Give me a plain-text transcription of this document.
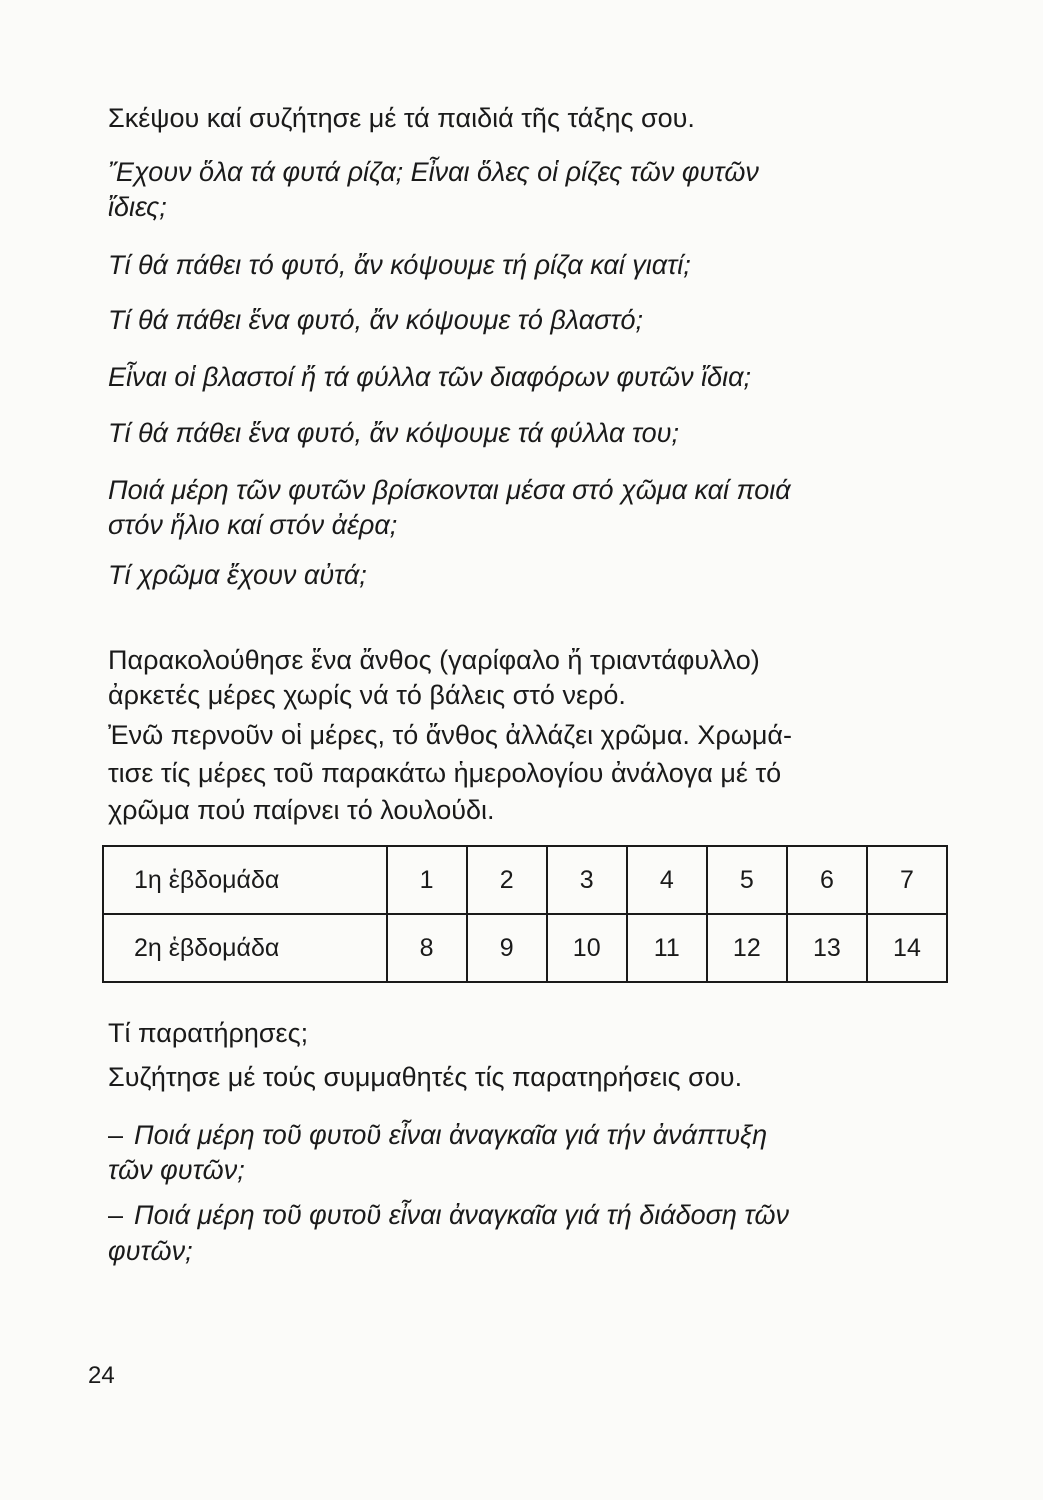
Σκέψου καί συζήτησε μέ τά παιδιά τῆς τάξης σου.
Ἔχουν ὅλα τά φυτά ρίζα; Εἶναι ὅλες οἱ ρίζες τῶν φυτῶν
ἴδιες;
Τί θά πάθει τό φυτό, ἄν κόψουμε τή ρίζα καί γιατί;
Τί θά πάθει ἕνα φυτό, ἄν κόψουμε τό βλαστό;
Εἶναι οἱ βλαστοί ἤ τά φύλλα τῶν διαφόρων φυτῶν ἴδια;
Τί θά πάθει ἕνα φυτό, ἄν κόψουμε τά φύλλα του;
Ποιά μέρη τῶν φυτῶν βρίσκονται μέσα στό χῶμα καί ποιά
στόν ἥλιο καί στόν ἀέρα;
Τί χρῶμα ἔχουν αὐτά;
Παρακολούθησε ἕνα ἄνθος (γαρίφαλο ἤ τριαντάφυλλο)
ἀρκετές μέρες χωρίς νά τό βάλεις στό νερό.
Ἐνῶ περνοῦν οἱ μέρες, τό ἄνθος ἀλλάζει χρῶμα. Χρωμά-
τισε τίς μέρες τοῦ παρακάτω ἡμερολογίου ἀνάλογα μέ τό
χρῶμα πού παίρνει τό λουλούδι.
1η ἑβδομάδα	1	2	3	4	5	6	7
2η ἑβδομάδα	8	9	10	11	12	13	14
Τί παρατήρησες;
Συζήτησε μέ τούς συμμαθητές τίς παρατηρήσεις σου.
– Ποιά μέρη τοῦ φυτοῦ εἶναι ἀναγκαῖα γιά τήν ἀνάπτυξη
τῶν φυτῶν;
– Ποιά μέρη τοῦ φυτοῦ εἶναι ἀναγκαῖα γιά τή διάδοση τῶν
φυτῶν;
24
